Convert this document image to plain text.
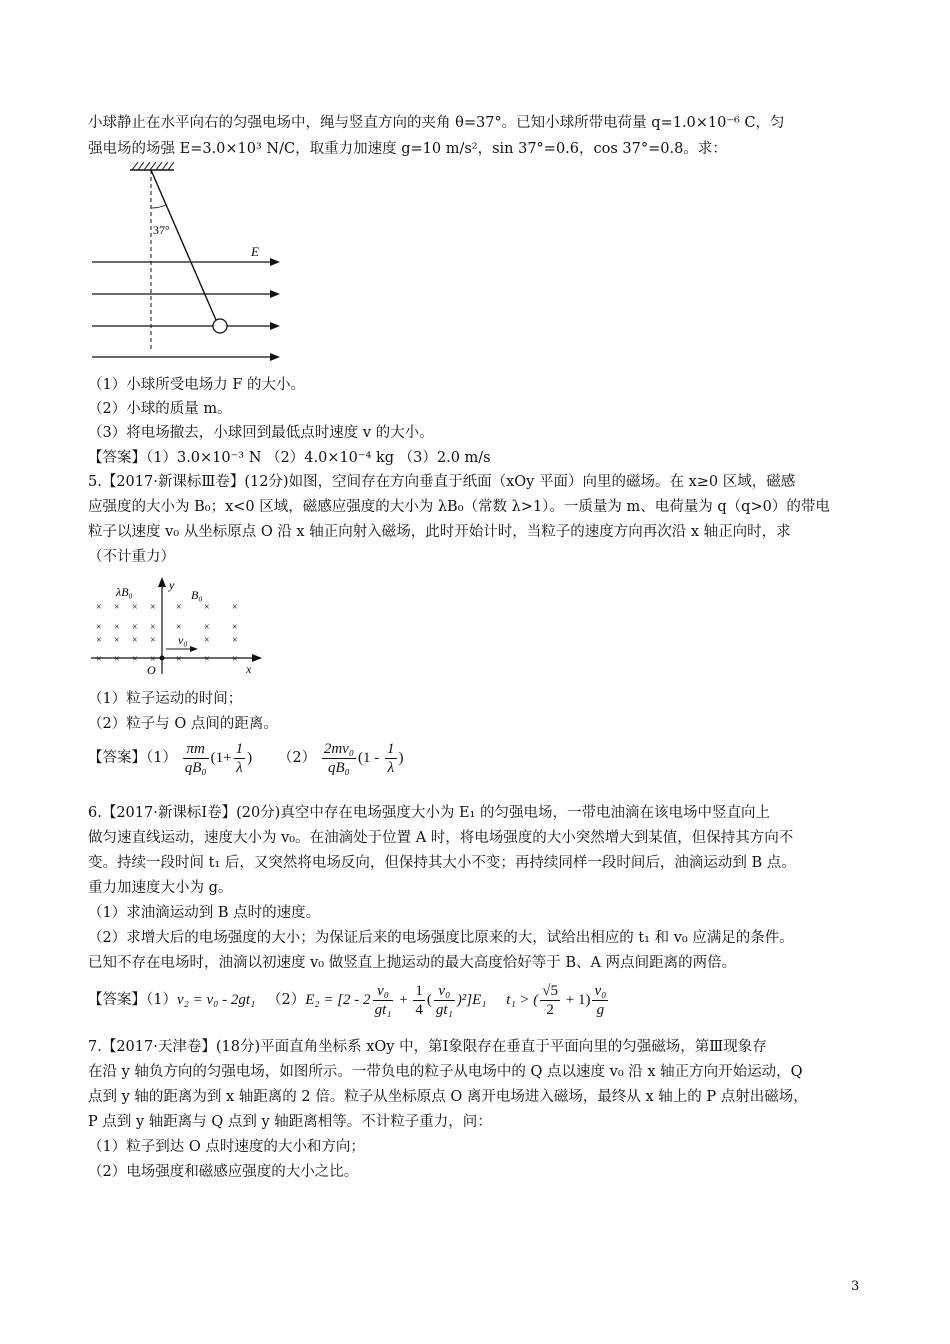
小球静止在水平向右的匀强电场中，绳与竖直方向的夹角 θ=37°。已知小球所带电荷量 q=1.0×10⁻⁶ C，匀
强电场的场强 E=3.0×10³ N/C，取重力加速度 g=10 m/s²，sin 37°=0.6，cos 37°=0.8。求：
37°
E
（1）小球所受电场力 F 的大小。
（2）小球的质量 m。
（3）将电场撤去，小球回到最低点时速度 v 的大小。
【答案】（1）3.0×10⁻³ N （2）4.0×10⁻⁴ kg （3）2.0 m/s
5.【2017·新课标Ⅲ卷】(12分)如图，空间存在方向垂直于纸面（xOy 平面）向里的磁场。在 x≥0 区域，磁感
应强度的大小为 B₀；x<0 区域，磁感应强度的大小为 λB₀（常数 λ>1）。一质量为 m、电荷量为 q（q>0）的带电
粒子以速度 v₀ 从坐标原点 O 沿 x 轴正向射入磁场，此时开始计时，当粒子的速度方向再次沿 x 轴正向时，求
（不计重力）
λB₀	B₀
y
x
O
v₀
× × × × × × ×
× × × × × × ×
× × × ×	× ×
× × × × × × ×
（1）粒子运动的时间；
（2）粒子与 O 点间的距离。
【答案】$(1) \frac{\pi m}{\text{qB₀}} (1+ \frac{1}{\lambda}$ ) $(2) \frac{\text{2mv₀}}{\text{qB₀}} (1 - \frac{1}{\lambda}$ )
6.【2017·新课标Ⅰ卷】(20分)真空中存在电场强度大小为 E₁ 的匀强电场，一带电油滴在该电场中竖直向上
做匀速直线运动，速度大小为 v₀。在油滴处于位置 A 时，将电场强度的大小突然增大到某值，但保持其方向不
变。持续一段时间 t₁ 后，又突然将电场反向，但保持其大小不变；再持续同样一段时间后，油滴运动到 B 点。
重力加速度大小为 g。
（1）求油滴运动到 B 点时的速度。
（2）求增大后的电场强度的大小；为保证后来的电场强度比原来的大，试给出相应的 t₁ 和 v₀ 应满足的条件。
已知不存在电场时，油滴以初速度 v₀ 做竖直上抛运动的最大高度恰好等于 B、A 两点间距离的两倍。
【答案】（1）v₂ = v₀ - 2gt₁ $(2)E_2 = [2 - 2 \frac{\text{v₀}}{\text{gt₁}} + \frac{1}{4}$ ( $\frac{\text{v₀}}{\text{gt₁}} )^2]E_1$ t₁ > ( $\frac{√5}{2} + 1) \frac{\text{v₀}}{g}$
7.【2017·天津卷】(18分)平面直角坐标系 xOy 中，第Ⅰ象限存在垂直于平面向里的匀强磁场，第Ⅲ现象存
在沿 y 轴负方向的匀强电场，如图所示。一带负电的粒子从电场中的 Q 点以速度 v₀ 沿 x 轴正方向开始运动，Q
点到 y 轴的距离为到 x 轴距离的 2 倍。粒子从坐标原点 O 离开电场进入磁场，最终从 x 轴上的 P 点射出磁场，
P 点到 y 轴距离与 Q 点到 y 轴距离相等。不计粒子重力，问：
（1）粒子到达 O 点时速度的大小和方向；
（2）电场强度和磁感应强度的大小之比。
3
